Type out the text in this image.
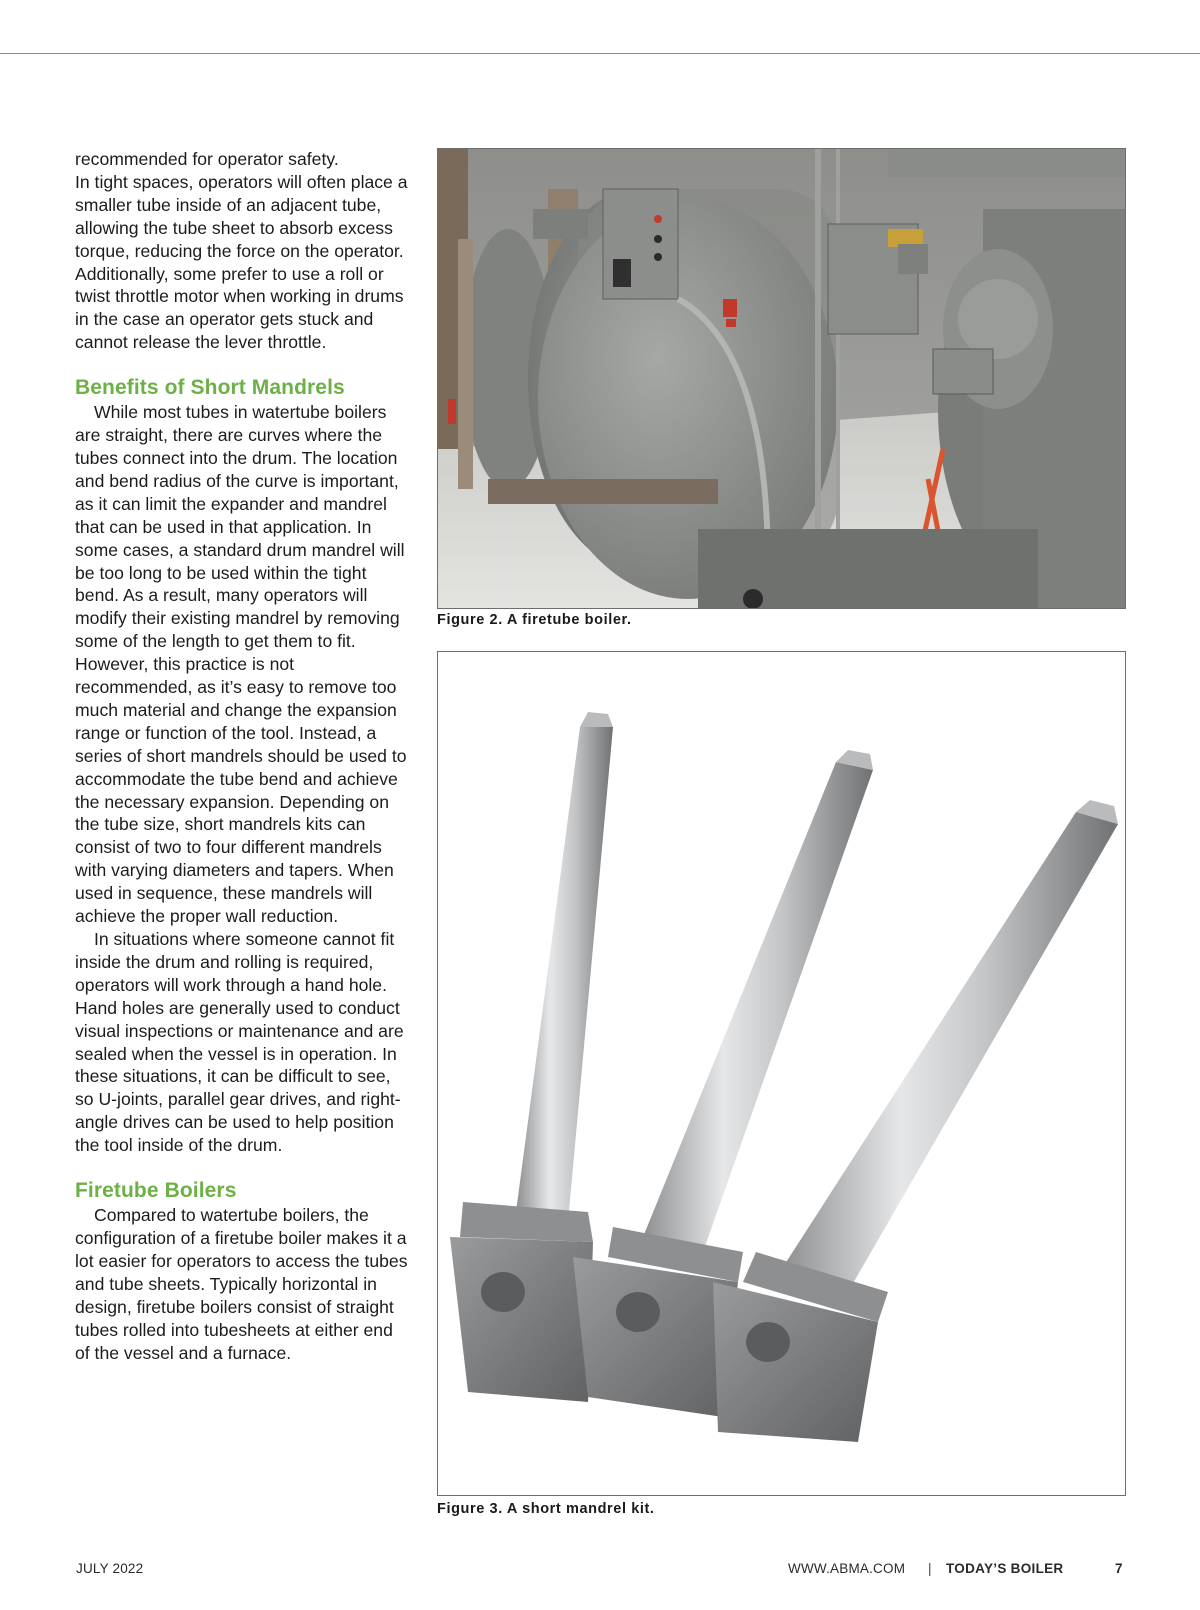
recommended for operator safety.

In tight spaces, operators will often place a smaller tube inside of an adjacent tube, allowing the tube sheet to absorb excess torque, reducing the force on the operator. Additionally, some prefer to use a roll or twist throttle motor when working in drums in the case an operator gets stuck and cannot release the lever throttle.

Benefits of Short Mandrels

While most tubes in watertube boilers are straight, there are curves where the tubes connect into the drum. The location and bend radius of the curve is important, as it can limit the expander and mandrel that can be used in that application. In some cases, a standard drum mandrel will be too long to be used within the tight bend. As a result, many operators will modify their existing mandrel by removing some of the length to get them to fit. However, this practice is not recommended, as it’s easy to remove too much material and change the expansion range or function of the tool. Instead, a series of short mandrels should be used to accommodate the tube bend and achieve the necessary expansion. Depending on the tube size, short mandrels kits can consist of two to four different mandrels with varying diameters and tapers. When used in sequence, these mandrels will achieve the proper wall reduction.

In situations where someone cannot fit inside the drum and rolling is required, operators will work through a hand hole. Hand holes are generally used to conduct visual inspections or maintenance and are sealed when the vessel is in operation. In these situations, it can be difficult to see, so U-joints, parallel gear drives, and right-angle drives can be used to help position the tool inside of the drum.

Firetube Boilers

Compared to watertube boilers, the configuration of a firetube boiler makes it a lot easier for operators to access the tubes and tube sheets. Typically horizontal in design, firetube boilers consist of straight tubes rolled into tubesheets at either end of the vessel and a furnace.

Figure 2. A firetube boiler.
Figure 3. A short mandrel kit.
JULY 2022	WWW.ABMA.COM | TODAY’S BOILER	7
